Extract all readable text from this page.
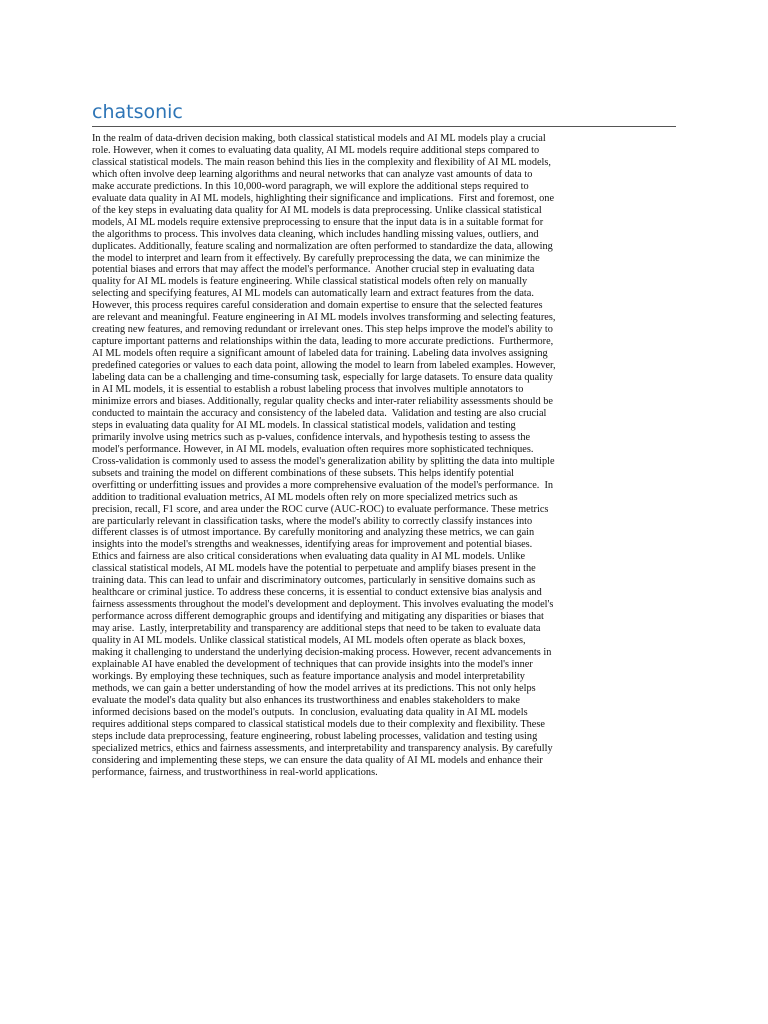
chatsonic

In the realm of data-driven decision making, both classical statistical models and AI ML models play a crucial
role. However, when it comes to evaluating data quality, AI ML models require additional steps compared to
classical statistical models. The main reason behind this lies in the complexity and flexibility of AI ML models,
which often involve deep learning algorithms and neural networks that can analyze vast amounts of data to
make accurate predictions. In this 10,000-word paragraph, we will explore the additional steps required to
evaluate data quality in AI ML models, highlighting their significance and implications.  First and foremost, one
of the key steps in evaluating data quality for AI ML models is data preprocessing. Unlike classical statistical
models, AI ML models require extensive preprocessing to ensure that the input data is in a suitable format for
the algorithms to process. This involves data cleaning, which includes handling missing values, outliers, and
duplicates. Additionally, feature scaling and normalization are often performed to standardize the data, allowing
the model to interpret and learn from it effectively. By carefully preprocessing the data, we can minimize the
potential biases and errors that may affect the model's performance.  Another crucial step in evaluating data
quality for AI ML models is feature engineering. While classical statistical models often rely on manually
selecting and specifying features, AI ML models can automatically learn and extract features from the data.
However, this process requires careful consideration and domain expertise to ensure that the selected features
are relevant and meaningful. Feature engineering in AI ML models involves transforming and selecting features,
creating new features, and removing redundant or irrelevant ones. This step helps improve the model's ability to
capture important patterns and relationships within the data, leading to more accurate predictions.  Furthermore,
AI ML models often require a significant amount of labeled data for training. Labeling data involves assigning
predefined categories or values to each data point, allowing the model to learn from labeled examples. However,
labeling data can be a challenging and time-consuming task, especially for large datasets. To ensure data quality
in AI ML models, it is essential to establish a robust labeling process that involves multiple annotators to
minimize errors and biases. Additionally, regular quality checks and inter-rater reliability assessments should be
conducted to maintain the accuracy and consistency of the labeled data.  Validation and testing are also crucial
steps in evaluating data quality for AI ML models. In classical statistical models, validation and testing
primarily involve using metrics such as p-values, confidence intervals, and hypothesis testing to assess the
model's performance. However, in AI ML models, evaluation often requires more sophisticated techniques.
Cross-validation is commonly used to assess the model's generalization ability by splitting the data into multiple
subsets and training the model on different combinations of these subsets. This helps identify potential
overfitting or underfitting issues and provides a more comprehensive evaluation of the model's performance.  In
addition to traditional evaluation metrics, AI ML models often rely on more specialized metrics such as
precision, recall, F1 score, and area under the ROC curve (AUC-ROC) to evaluate performance. These metrics
are particularly relevant in classification tasks, where the model's ability to correctly classify instances into
different classes is of utmost importance. By carefully monitoring and analyzing these metrics, we can gain
insights into the model's strengths and weaknesses, identifying areas for improvement and potential biases.
Ethics and fairness are also critical considerations when evaluating data quality in AI ML models. Unlike
classical statistical models, AI ML models have the potential to perpetuate and amplify biases present in the
training data. This can lead to unfair and discriminatory outcomes, particularly in sensitive domains such as
healthcare or criminal justice. To address these concerns, it is essential to conduct extensive bias analysis and
fairness assessments throughout the model's development and deployment. This involves evaluating the model's
performance across different demographic groups and identifying and mitigating any disparities or biases that
may arise.  Lastly, interpretability and transparency are additional steps that need to be taken to evaluate data
quality in AI ML models. Unlike classical statistical models, AI ML models often operate as black boxes,
making it challenging to understand the underlying decision-making process. However, recent advancements in
explainable AI have enabled the development of techniques that can provide insights into the model's inner
workings. By employing these techniques, such as feature importance analysis and model interpretability
methods, we can gain a better understanding of how the model arrives at its predictions. This not only helps
evaluate the model's data quality but also enhances its trustworthiness and enables stakeholders to make
informed decisions based on the model's outputs.  In conclusion, evaluating data quality in AI ML models
requires additional steps compared to classical statistical models due to their complexity and flexibility. These
steps include data preprocessing, feature engineering, robust labeling processes, validation and testing using
specialized metrics, ethics and fairness assessments, and interpretability and transparency analysis. By carefully
considering and implementing these steps, we can ensure the data quality of AI ML models and enhance their
performance, fairness, and trustworthiness in real-world applications.
